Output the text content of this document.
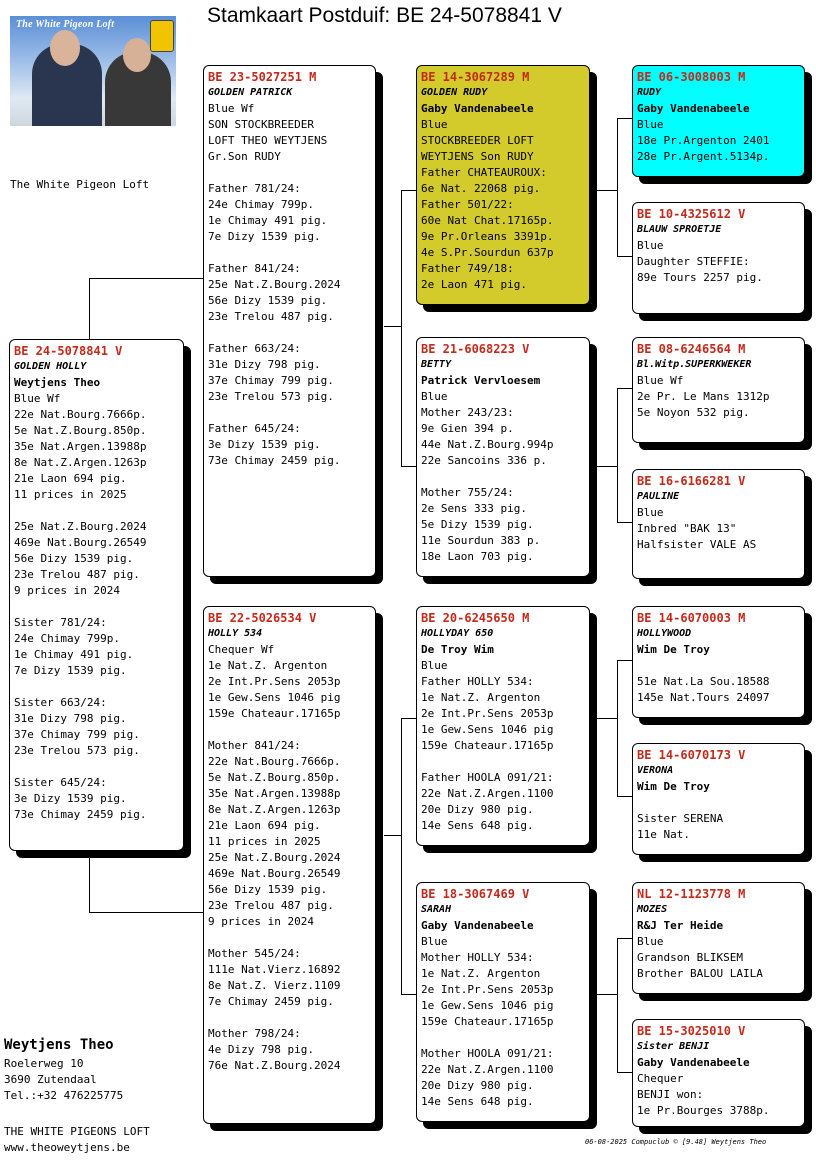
Stamkaart Postduif: BE 24-5078841 V
The White Pigeon Loft
The White Pigeon Loft
BE 24-5078841 V
GOLDEN HOLLY
Weytjens Theo
Blue Wf
22e Nat.Bourg.7666p.
5e Nat.Z.Bourg.850p.
35e Nat.Argen.13988p
8e Nat.Z.Argen.1263p
21e Laon 694 pig.
11 prices in 2025
25e Nat.Z.Bourg.2024
469e Nat.Bourg.26549
56e Dizy 1539 pig.
23e Trelou 487 pig.
9 prices in 2024
Sister 781/24:
24e Chimay 799p.
1e Chimay 491 pig.
7e Dizy 1539 pig.
Sister 663/24:
31e Dizy 798 pig.
37e Chimay 799 pig.
23e Trelou 573 pig.
Sister 645/24:
3e Dizy 1539 pig.
73e Chimay 2459 pig.
BE 23-5027251 M
GOLDEN PATRICK
Blue Wf
SON STOCKBREEDER
LOFT THEO WEYTJENS
Gr.Son RUDY
Father 781/24:
24e Chimay 799p.
1e Chimay 491 pig.
7e Dizy 1539 pig.
Father 841/24:
25e Nat.Z.Bourg.2024
56e Dizy 1539 pig.
23e Trelou 487 pig.
Father 663/24:
31e Dizy 798 pig.
37e Chimay 799 pig.
23e Trelou 573 pig.
Father 645/24:
3e Dizy 1539 pig.
73e Chimay 2459 pig.
BE 22-5026534 V
HOLLY 534
Chequer Wf
1e Nat.Z. Argenton
2e Int.Pr.Sens 2053p
1e Gew.Sens 1046 pig
159e Chateaur.17165p
Mother 841/24:
22e Nat.Bourg.7666p.
5e Nat.Z.Bourg.850p.
35e Nat.Argen.13988p
8e Nat.Z.Argen.1263p
21e Laon 694 pig.
11 prices in 2025
25e Nat.Z.Bourg.2024
469e Nat.Bourg.26549
56e Dizy 1539 pig.
23e Trelou 487 pig.
9 prices in 2024
Mother 545/24:
111e Nat.Vierz.16892
8e Nat.Z. Vierz.1109
7e Chimay 2459 pig.
Mother 798/24:
4e Dizy 798 pig.
76e Nat.Z.Bourg.2024
BE 14-3067289 M
GOLDEN RUDY
Gaby Vandenabeele
Blue
STOCKBREEDER LOFT
WEYTJENS Son RUDY
Father CHATEAUROUX:
6e Nat. 22068 pig.
Father 501/22:
60e Nat Chat.17165p.
9e Pr.Orleans 3391p.
4e S.Pr.Sourdun 637p
Father 749/18:
2e Laon 471 pig.
BE 21-6068223 V
BETTY
Patrick Vervloesem
Blue
Mother 243/23:
9e Gien 394 p.
44e Nat.Z.Bourg.994p
22e Sancoins 336 p.
Mother 755/24:
2e Sens 333 pig.
5e Dizy 1539 pig.
11e Sourdun 383 p.
18e Laon 703 pig.
BE 20-6245650 M
HOLLYDAY 650
De Troy Wim
Blue
Father HOLLY 534:
1e Nat.Z. Argenton
2e Int.Pr.Sens 2053p
1e Gew.Sens 1046 pig
159e Chateaur.17165p
Father HOOLA 091/21:
22e Nat.Z.Argen.1100
20e Dizy 980 pig.
14e Sens 648 pig.
BE 18-3067469 V
SARAH
Gaby Vandenabeele
Blue
Mother HOLLY 534:
1e Nat.Z. Argenton
2e Int.Pr.Sens 2053p
1e Gew.Sens 1046 pig
159e Chateaur.17165p
Mother HOOLA 091/21:
22e Nat.Z.Argen.1100
20e Dizy 980 pig.
14e Sens 648 pig.
BE 06-3008003 M
RUDY
Gaby Vandenabeele
Blue
18e Pr.Argenton 2401
28e Pr.Argent.5134p.
BE 10-4325612 V
BLAUW SPROETJE
Blue
Daughter STEFFIE:
89e Tours 2257 pig.
BE 08-6246564 M
Bl.Witp.SUPERKWEKER
Blue Wf
2e Pr. Le Mans 1312p
5e Noyon 532 pig.
BE 16-6166281 V
PAULINE
Blue
Inbred "BAK 13"
Halfsister VALE AS
BE 14-6070003 M
HOLLYWOOD
Wim De Troy
51e Nat.La Sou.18588
145e Nat.Tours 24097
BE 14-6070173 V
VERONA
Wim De Troy
Sister SERENA
11e Nat.
NL 12-1123778 M
MOZES
R&J Ter Heide
Blue
Grandson BLIKSEM
Brother BALOU LAILA
BE 15-3025010 V
Sister BENJI
Gaby Vandenabeele
Chequer
BENJI won:
1e Pr.Bourges 3788p.
Weytjens Theo
Roelerweg 10
3690 Zutendaal
Tel.:+32 476225775
THE WHITE PIGEONS LOFT
www.theoweytjens.be	06-08-2025 Compuclub © [9.48] Weytjens Theo
